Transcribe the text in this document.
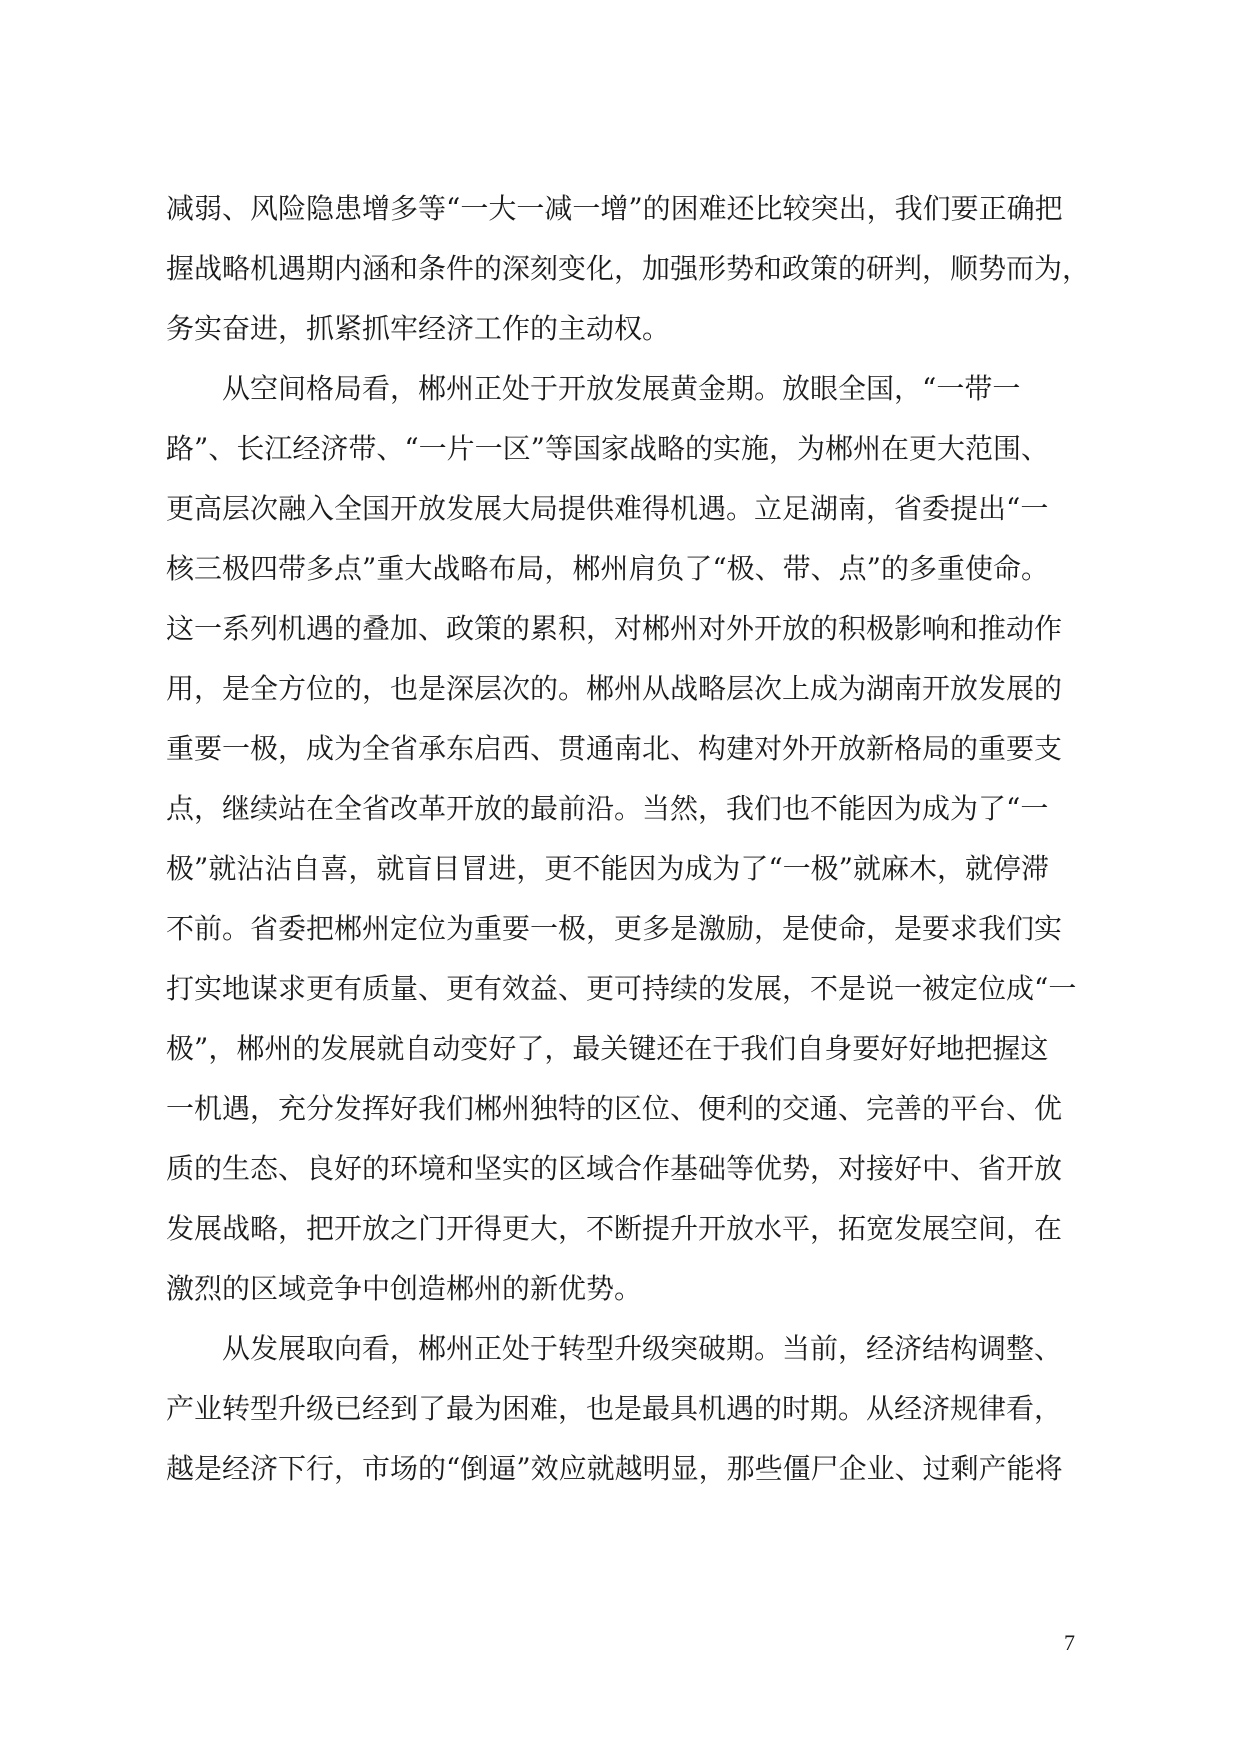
减弱、风险隐患增多等“一大一减一增”的困难还比较突出，我们要正确把
握战略机遇期内涵和条件的深刻变化，加强形势和政策的研判，顺势而为，
务实奋进，抓紧抓牢经济工作的主动权。
　　从空间格局看，郴州正处于开放发展黄金期。放眼全国，“一带一
路”、长江经济带、“一片一区”等国家战略的实施，为郴州在更大范围、
更高层次融入全国开放发展大局提供难得机遇。立足湖南，省委提出“一
核三极四带多点”重大战略布局，郴州肩负了“极、带、点”的多重使命。
这一系列机遇的叠加、政策的累积，对郴州对外开放的积极影响和推动作
用，是全方位的，也是深层次的。郴州从战略层次上成为湖南开放发展的
重要一极，成为全省承东启西、贯通南北、构建对外开放新格局的重要支
点，继续站在全省改革开放的最前沿。当然，我们也不能因为成为了“一
极”就沾沾自喜，就盲目冒进，更不能因为成为了“一极”就麻木，就停滞
不前。省委把郴州定位为重要一极，更多是激励，是使命，是要求我们实
打实地谋求更有质量、更有效益、更可持续的发展，不是说一被定位成“一
极”，郴州的发展就自动变好了，最关键还在于我们自身要好好地把握这
一机遇，充分发挥好我们郴州独特的区位、便利的交通、完善的平台、优
质的生态、良好的环境和坚实的区域合作基础等优势，对接好中、省开放
发展战略，把开放之门开得更大，不断提升开放水平，拓宽发展空间，在
激烈的区域竞争中创造郴州的新优势。
　　从发展取向看，郴州正处于转型升级突破期。当前，经济结构调整、
产业转型升级已经到了最为困难，也是最具机遇的时期。从经济规律看，
越是经济下行，市场的“倒逼”效应就越明显，那些僵尸企业、过剩产能将
7
